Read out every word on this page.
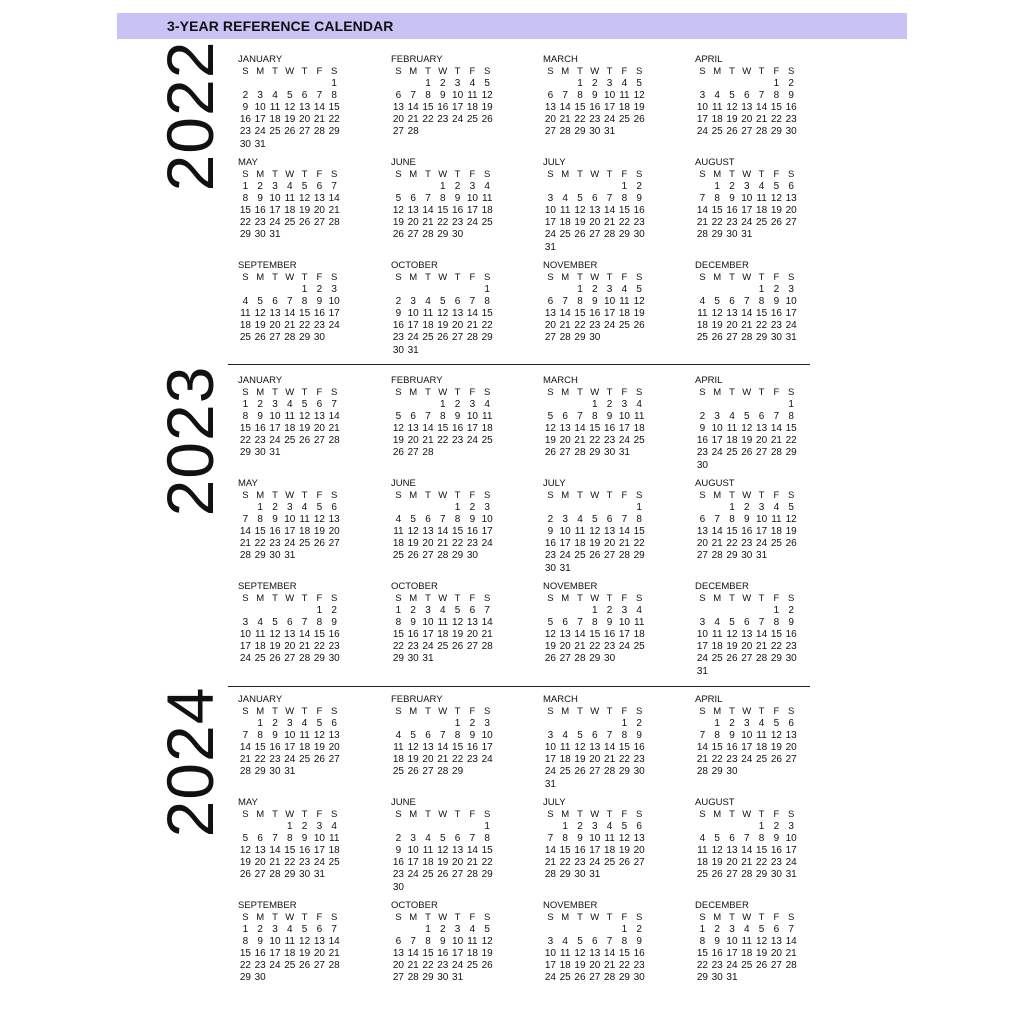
3-YEAR REFERENCE CALENDAR
2022 JANUARY
S M T W T F S
1
2 3 4 5 6 7 8
9 10 11 12 13 14 15
16 17 18 19 20 21 22
23 24 25 26 27 28 29
30 31
FEBRUARY
S M T W T F S
1 2 3 4 5
6 7 8 9 10 11 12
13 14 15 16 17 18 19
20 21 22 23 24 25 26
27 28
MARCH
S M T W T F S
1 2 3 4 5
6 7 8 9 10 11 12
13 14 15 16 17 18 19
20 21 22 23 24 25 26
27 28 29 30 31
APRIL
S M T W T F S
1 2
3 4 5 6 7 8 9
10 11 12 13 14 15 16
17 18 19 20 21 22 23
24 25 26 27 28 29 30
MAY
S M T W T F S
1 2 3 4 5 6 7
8 9 10 11 12 13 14
15 16 17 18 19 20 21
22 23 24 25 26 27 28
29 30 31
JUNE
S M T W T F S
1 2 3 4
5 6 7 8 9 10 11
12 13 14 15 16 17 18
19 20 21 22 23 24 25
26 27 28 29 30
JULY
S M T W T F S
1 2
3 4 5 6 7 8 9
10 11 12 13 14 15 16
17 18 19 20 21 22 23
24 25 26 27 28 29 30
31
AUGUST
S M T W T F S
1 2 3 4 5 6
7 8 9 10 11 12 13
14 15 16 17 18 19 20
21 22 23 24 25 26 27
28 29 30 31
SEPTEMBER
S M T W T F S
1 2 3
4 5 6 7 8 9 10
11 12 13 14 15 16 17
18 19 20 21 22 23 24
25 26 27 28 29 30
OCTOBER
S M T W T F S
1
2 3 4 5 6 7 8
9 10 11 12 13 14 15
16 17 18 19 20 21 22
23 24 25 26 27 28 29
30 31
NOVEMBER
S M T W T F S
1 2 3 4 5
6 7 8 9 10 11 12
13 14 15 16 17 18 19
20 21 22 23 24 25 26
27 28 29 30
DECEMBER
S M T W T F S
1 2 3
4 5 6 7 8 9 10
11 12 13 14 15 16 17
18 19 20 21 22 23 24
25 26 27 28 29 30 31
2023 JANUARY
S M T W T F S
1 2 3 4 5 6 7
8 9 10 11 12 13 14
15 16 17 18 19 20 21
22 23 24 25 26 27 28
29 30 31
FEBRUARY
S M T W T F S
1 2 3 4
5 6 7 8 9 10 11
12 13 14 15 16 17 18
19 20 21 22 23 24 25
26 27 28
MARCH
S M T W T F S
1 2 3 4
5 6 7 8 9 10 11
12 13 14 15 16 17 18
19 20 21 22 23 24 25
26 27 28 29 30 31
APRIL
S M T W T F S
1
2 3 4 5 6 7 8
9 10 11 12 13 14 15
16 17 18 19 20 21 22
23 24 25 26 27 28 29
30
MAY
S M T W T F S
1 2 3 4 5 6
7 8 9 10 11 12 13
14 15 16 17 18 19 20
21 22 23 24 25 26 27
28 29 30 31
JUNE
S M T W T F S
1 2 3
4 5 6 7 8 9 10
11 12 13 14 15 16 17
18 19 20 21 22 23 24
25 26 27 28 29 30
JULY
S M T W T F S
1
2 3 4 5 6 7 8
9 10 11 12 13 14 15
16 17 18 19 20 21 22
23 24 25 26 27 28 29
30 31
AUGUST
S M T W T F S
1 2 3 4 5
6 7 8 9 10 11 12
13 14 15 16 17 18 19
20 21 22 23 24 25 26
27 28 29 30 31
SEPTEMBER
S M T W T F S
1 2
3 4 5 6 7 8 9
10 11 12 13 14 15 16
17 18 19 20 21 22 23
24 25 26 27 28 29 30
OCTOBER
S M T W T F S
1 2 3 4 5 6 7
8 9 10 11 12 13 14
15 16 17 18 19 20 21
22 23 24 25 26 27 28
29 30 31
NOVEMBER
S M T W T F S
1 2 3 4
5 6 7 8 9 10 11
12 13 14 15 16 17 18
19 20 21 22 23 24 25
26 27 28 29 30
DECEMBER
S M T W T F S
1 2
3 4 5 6 7 8 9
10 11 12 13 14 15 16
17 18 19 20 21 22 23
24 25 26 27 28 29 30
31
2024 JANUARY
S M T W T F S
1 2 3 4 5 6
7 8 9 10 11 12 13
14 15 16 17 18 19 20
21 22 23 24 25 26 27
28 29 30 31
FEBRUARY
S M T W T F S
1 2 3
4 5 6 7 8 9 10
11 12 13 14 15 16 17
18 19 20 21 22 23 24
25 26 27 28 29
MARCH
S M T W T F S
1 2
3 4 5 6 7 8 9
10 11 12 13 14 15 16
17 18 19 20 21 22 23
24 25 26 27 28 29 30
31
APRIL
S M T W T F S
1 2 3 4 5 6
7 8 9 10 11 12 13
14 15 16 17 18 19 20
21 22 23 24 25 26 27
28 29 30
MAY
S M T W T F S
1 2 3 4
5 6 7 8 9 10 11
12 13 14 15 16 17 18
19 20 21 22 23 24 25
26 27 28 29 30 31
JUNE
S M T W T F S
1
2 3 4 5 6 7 8
9 10 11 12 13 14 15
16 17 18 19 20 21 22
23 24 25 26 27 28 29
30
JULY
S M T W T F S
1 2 3 4 5 6
7 8 9 10 11 12 13
14 15 16 17 18 19 20
21 22 23 24 25 26 27
28 29 30 31
AUGUST
S M T W T F S
1 2 3
4 5 6 7 8 9 10
11 12 13 14 15 16 17
18 19 20 21 22 23 24
25 26 27 28 29 30 31
SEPTEMBER
S M T W T F S
1 2 3 4 5 6 7
8 9 10 11 12 13 14
15 16 17 18 19 20 21
22 23 24 25 26 27 28
29 30
OCTOBER
S M T W T F S
1 2 3 4 5
6 7 8 9 10 11 12
13 14 15 16 17 18 19
20 21 22 23 24 25 26
27 28 29 30 31
NOVEMBER
S M T W T F S
1 2
3 4 5 6 7 8 9
10 11 12 13 14 15 16
17 18 19 20 21 22 23
24 25 26 27 28 29 30
DECEMBER
S M T W T F S
1 2 3 4 5 6 7
8 9 10 11 12 13 14
15 16 17 18 19 20 21
22 23 24 25 26 27 28
29 30 31
